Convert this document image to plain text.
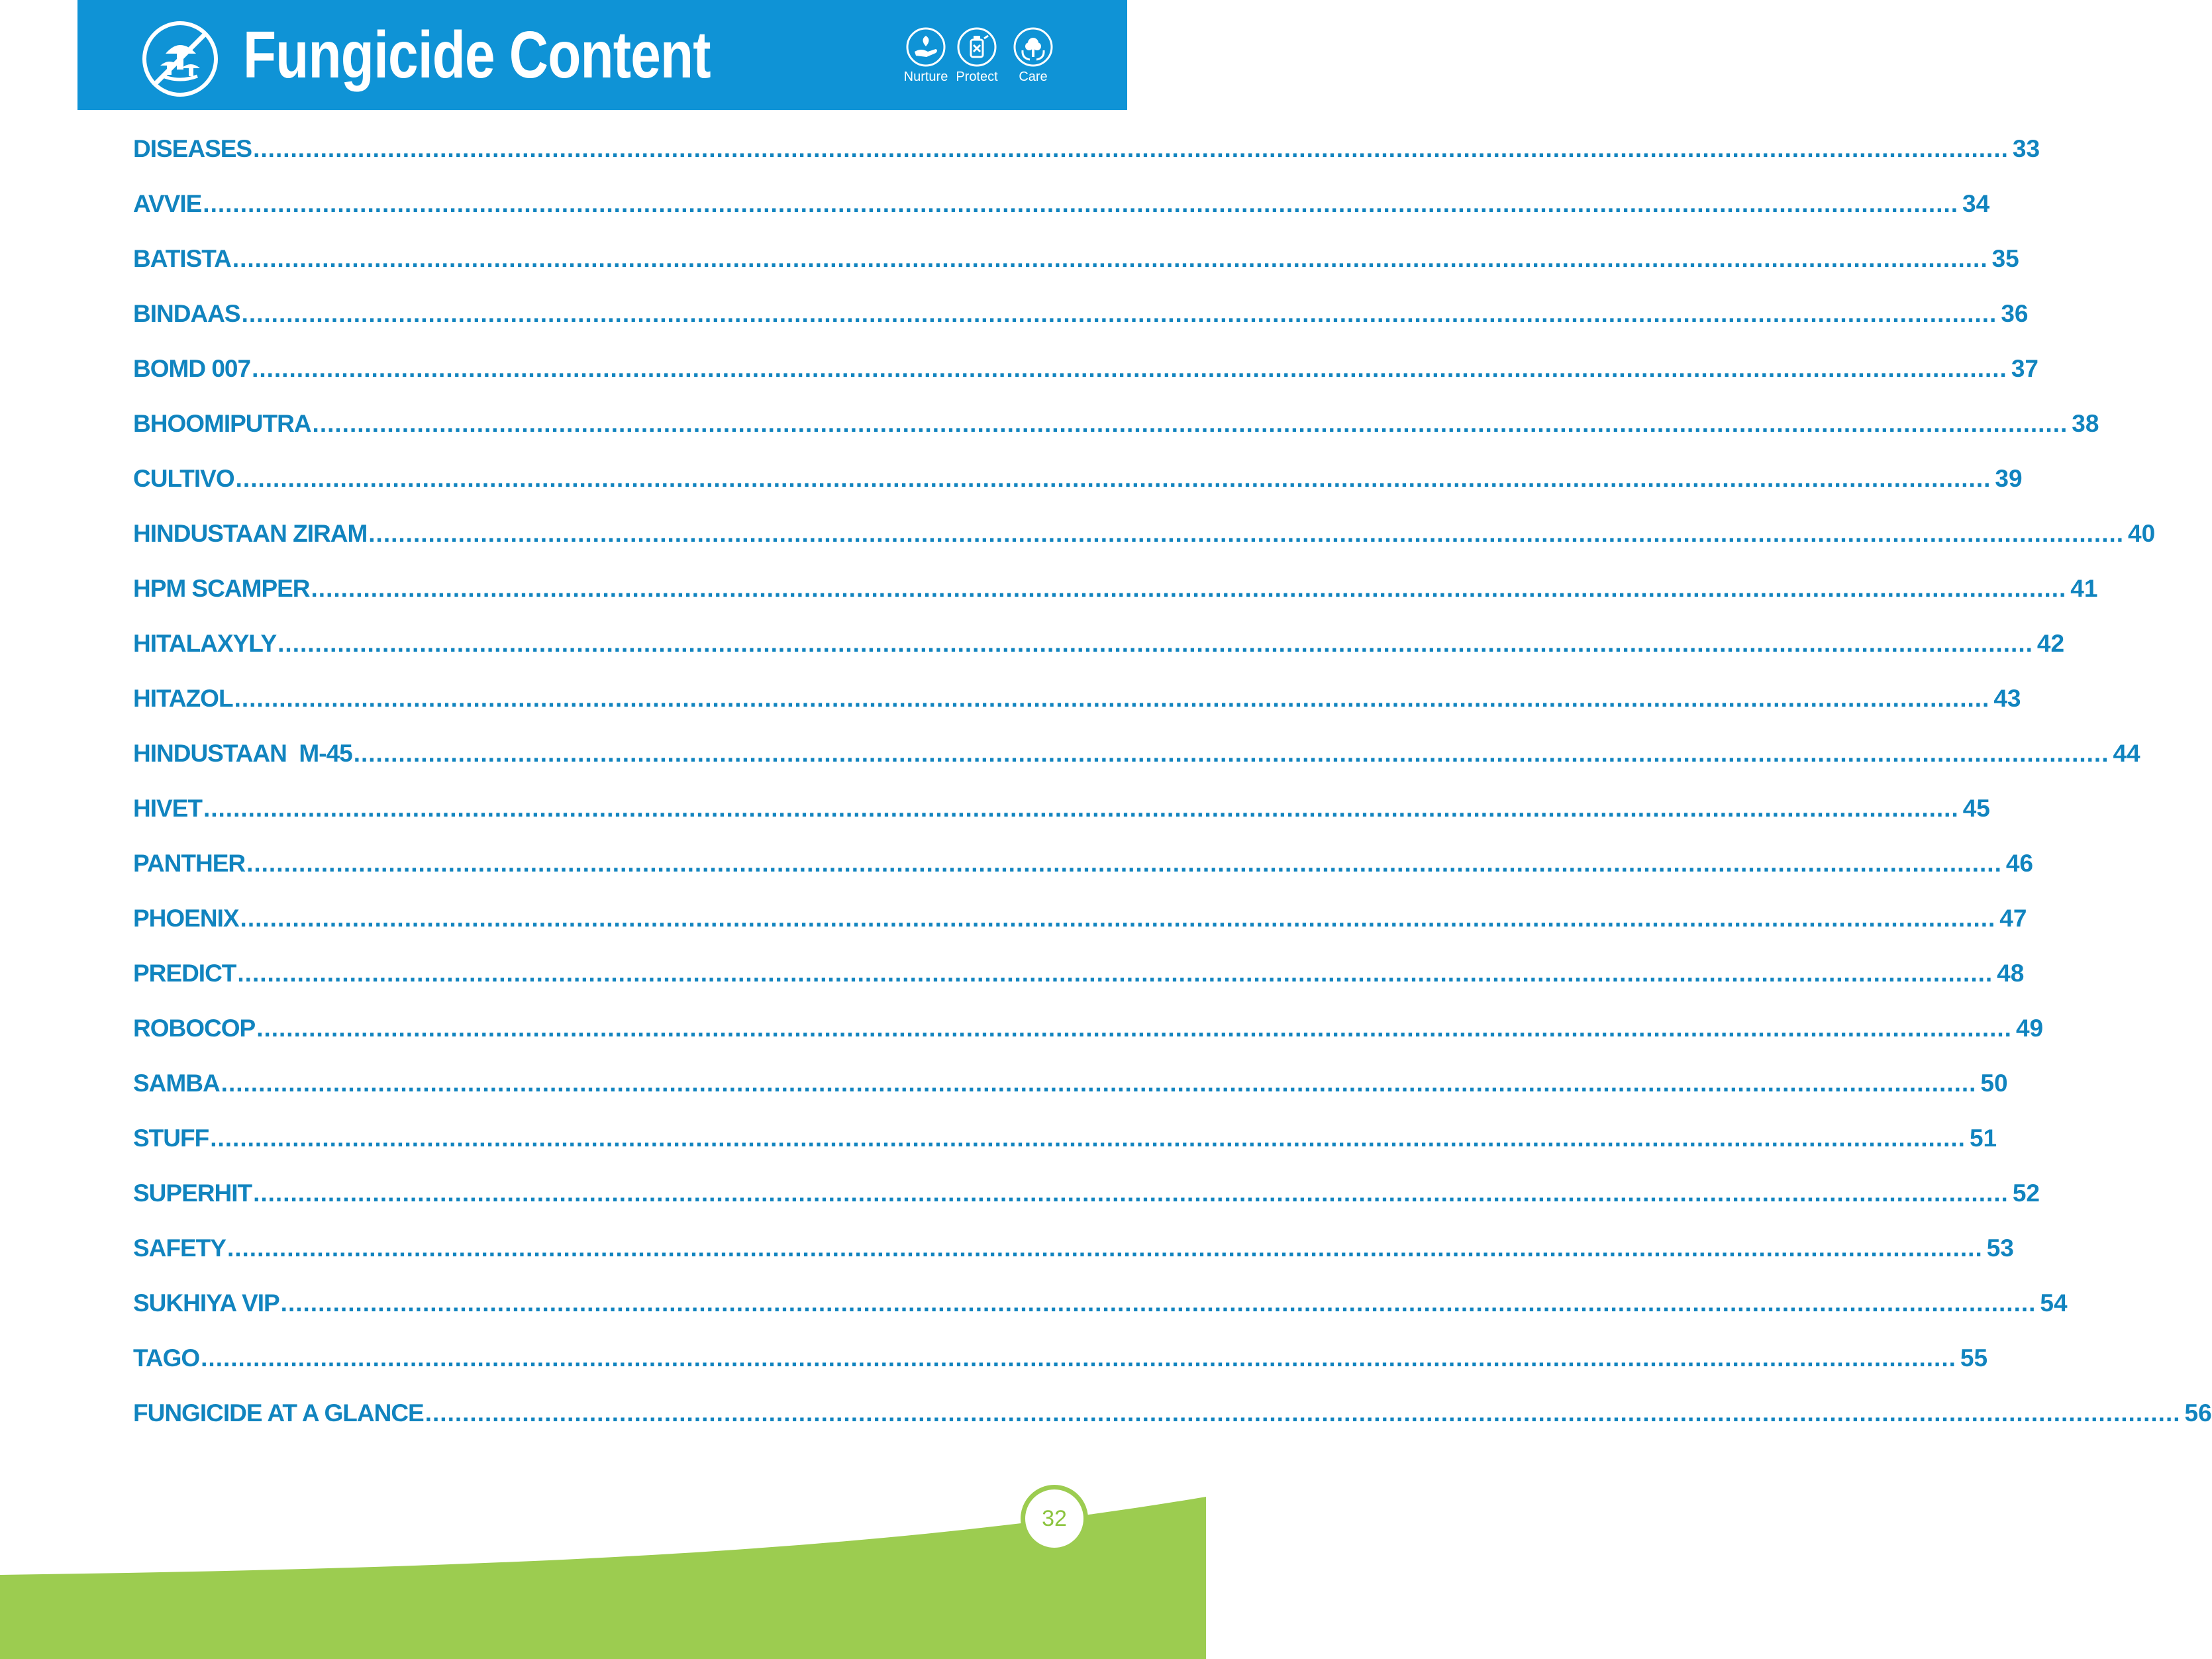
Fungicide Content	Nurture Protect	Care
DISEASES ........................................................................................................................................................................................................................................... 33
AVVIE ........................................................................................................................................................................................................................................... 34
BATISTA ........................................................................................................................................................................................................................................... 35
BINDAAS ........................................................................................................................................................................................................................................... 36
BOMD 007 ........................................................................................................................................................................................................................................... 37
BHOOMIPUTRA ........................................................................................................................................................................................................................................... 38
CULTIVO ........................................................................................................................................................................................................................................... 39
HINDUSTAAN ZIRAM ........................................................................................................................................................................................................................................... 40
HPM SCAMPER ........................................................................................................................................................................................................................................... 41
HITALAXYLY ........................................................................................................................................................................................................................................... 42
HITAZOL ........................................................................................................................................................................................................................................... 43
HINDUSTAAN  M-45 ........................................................................................................................................................................................................................................... 44
HIVET ........................................................................................................................................................................................................................................... 45
PANTHER ........................................................................................................................................................................................................................................... 46
PHOENIX ........................................................................................................................................................................................................................................... 47
PREDICT ........................................................................................................................................................................................................................................... 48
ROBOCOP ........................................................................................................................................................................................................................................... 49
SAMBA ........................................................................................................................................................................................................................................... 50
STUFF ........................................................................................................................................................................................................................................... 51
SUPERHIT ........................................................................................................................................................................................................................................... 52
SAFETY ........................................................................................................................................................................................................................................... 53
SUKHIYA VIP ........................................................................................................................................................................................................................................... 54
TAGO ........................................................................................................................................................................................................................................... 55
FUNGICIDE AT A GLANCE ........................................................................................................................................................................................................................................... 56
32
